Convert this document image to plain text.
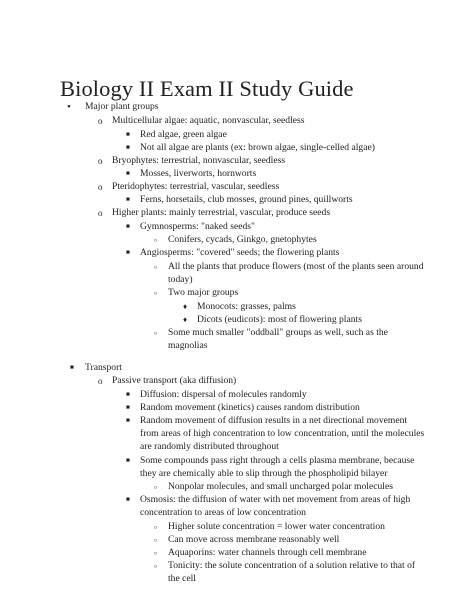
Biology II Exam II Study Guide
• Major plant groups
o Multicellular algae: aquatic, nonvascular, seedless
■ Red algae, green algae
■ Not all algae are plants (ex: brown algae, single-celled algae)
o Bryophytes: terrestrial, nonvascular, seedless
■ Mosses, liverworts, hornworts
o Pteridophytes: terrestrial, vascular, seedless
■ Ferns, horsetails, club mosses, ground pines, quillworts
o Higher plants: mainly terrestrial, vascular, produce seeds
■ Gymnosperms: "naked seeds"
▫ Conifers, cycads, Ginkgo, gnetophytes
■ Angiosperms: "covered" seeds; the flowering plants
▫ All the plants that produce flowers (most of the plants seen around
today)
▫ Two major groups
♦ Monocots: grasses, palms
♦ Dicots (eudicots): most of flowering plants
▫ Some much smaller "oddball" groups as well, such as the
magnolias
■ Transport
o Passive transport (aka diffusion)
■ Diffusion: dispersal of molecules randomly
■ Random movement (kinetics) causes random distribution
■ Random movement of diffusion results in a net directional movement
from areas of high concentration to low concentration, until the molecules
are randomly distributed throughout
■ Some compounds pass right through a cells plasma membrane, because
they are chemically able to slip through the phospholipid bilayer
▫ Nonpolar molecules, and small uncharged polar molecules
■ Osmosis: the diffusion of water with net movement from areas of high
concentration to areas of low concentration
▫ Higher solute concentration = lower water concentration
▫ Can move across membrane reasonably well
▫ Aquaporins: water channels through cell membrane
▫ Tonicity: the solute concentration of a solution relative to that of
the cell
